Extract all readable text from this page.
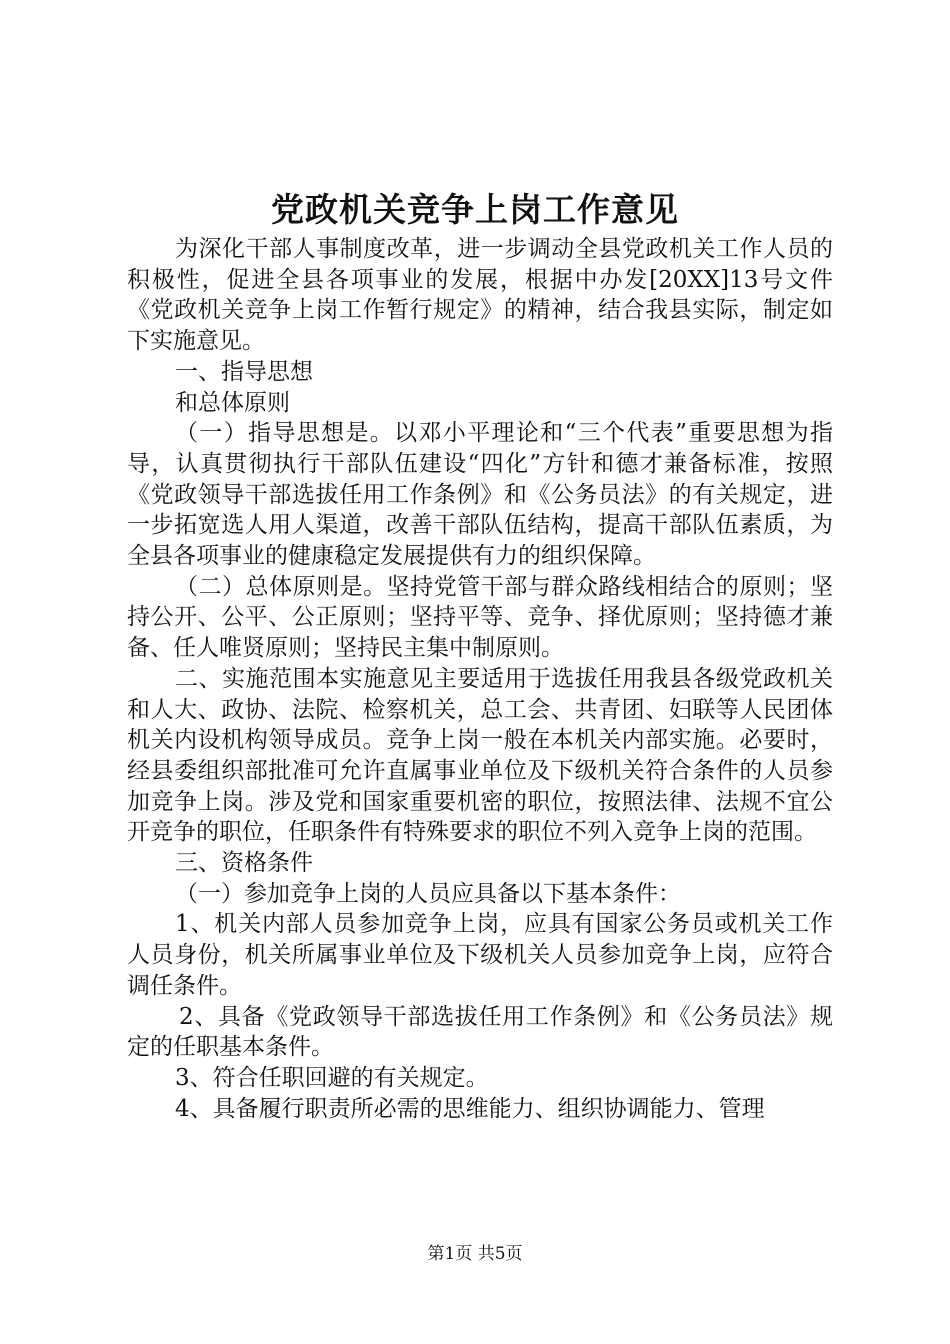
党政机关竞争上岗工作意见

为深化干部人事制度改革，进一步调动全县党政机关工作人员的积极性，促进全县各项事业的发展，根据中办发[20XX]13号文件《党政机关竞争上岗工作暂行规定》的精神，结合我县实际，制定如下实施意见。

一、指导思想

和总体原则

（一）指导思想是。以邓小平理论和“三个代表”重要思想为指导，认真贯彻执行干部队伍建设“四化”方针和德才兼备标准，按照《党政领导干部选拔任用工作条例》和《公务员法》的有关规定，进一步拓宽选人用人渠道，改善干部队伍结构，提高干部队伍素质，为全县各项事业的健康稳定发展提供有力的组织保障。

（二）总体原则是。坚持党管干部与群众路线相结合的原则；坚持公开、公平、公正原则；坚持平等、竞争、择优原则；坚持德才兼备、任人唯贤原则；坚持民主集中制原则。

二、实施范围本实施意见主要适用于选拔任用我县各级党政机关和人大、政协、法院、检察机关，总工会、共青团、妇联等人民团体机关内设机构领导成员。竞争上岗一般在本机关内部实施。必要时，经县委组织部批准可允许直属事业单位及下级机关符合条件的人员参加竞争上岗。涉及党和国家重要机密的职位，按照法律、法规不宜公开竞争的职位，任职条件有特殊要求的职位不列入竞争上岗的范围。

三、资格条件

（一）参加竞争上岗的人员应具备以下基本条件：

1、机关内部人员参加竞争上岗，应具有国家公务员或机关工作人员身份，机关所属事业单位及下级机关人员参加竞争上岗，应符合调任条件。

2、具备《党政领导干部选拔任用工作条例》和《公务员法》规定的任职基本条件。

3、符合任职回避的有关规定。

4、具备履行职责所必需的思维能力、组织协调能力、管理

第1页 共5页
